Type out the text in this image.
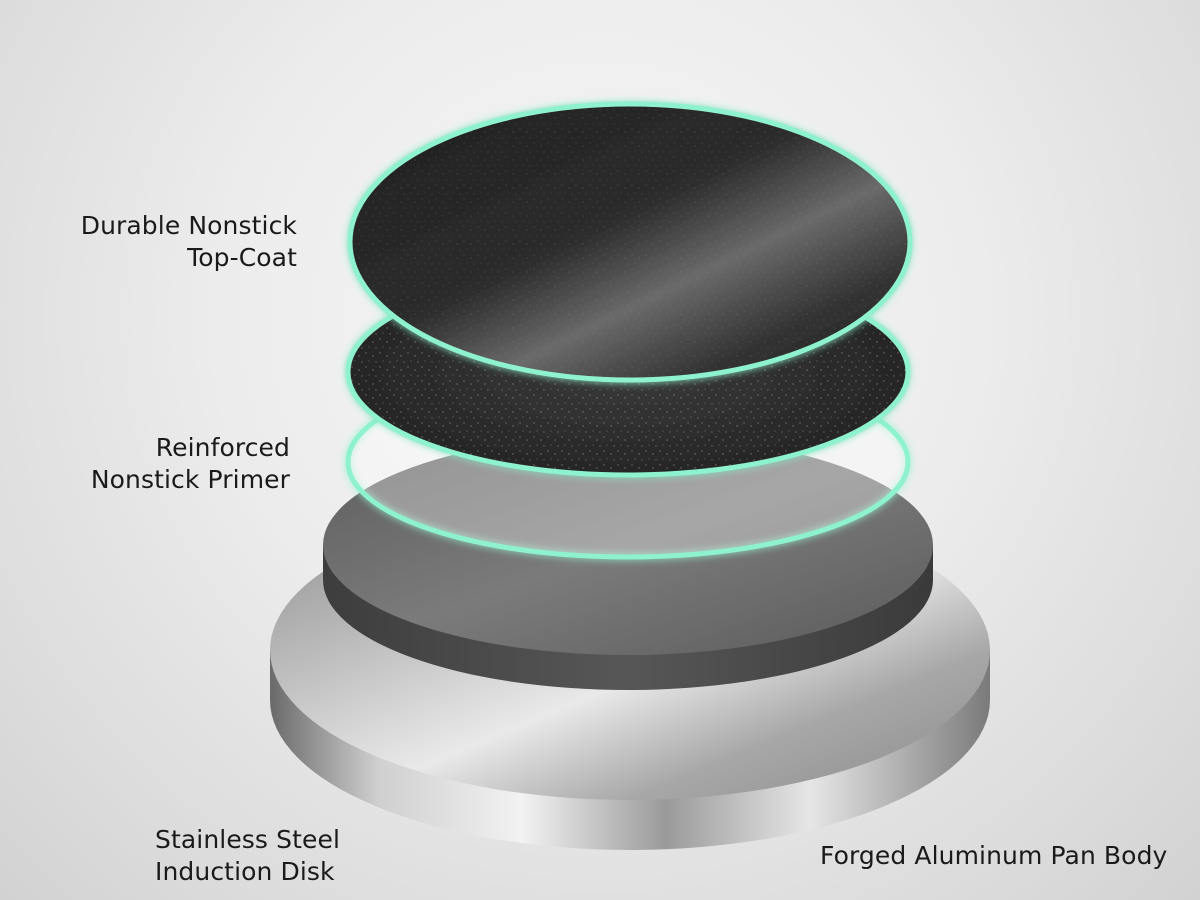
Durable Nonstick
Top-Coat
Reinforced
Nonstick Primer
Stainless Steel
Induction Disk
Forged Aluminum Pan Body
